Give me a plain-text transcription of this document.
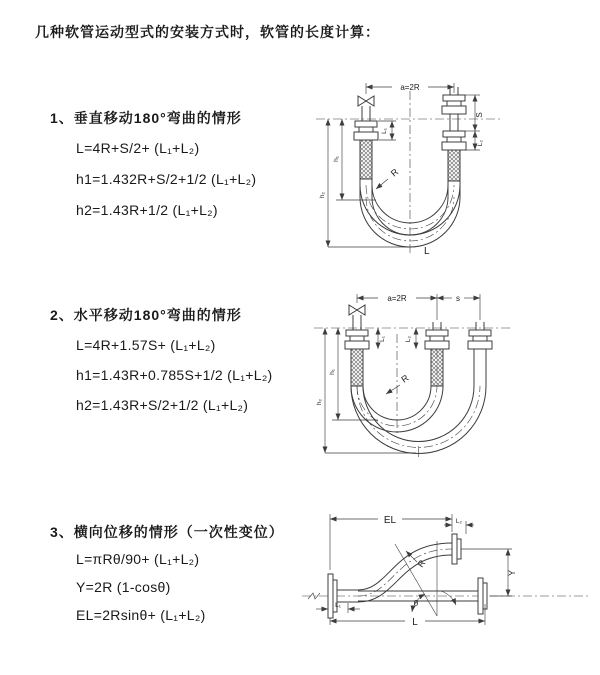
几种软管运动型式的安装方式时，软管的长度计算：
1、垂直移动180°弯曲的情形
L=4R+S/2+ (L₁+L₂)
h1=1.432R+S/2+1/2 (L₁+L₂)
h2=1.43R+1/2 (L₁+L₂)
a=2R
S
L₂
L₁
h₁
h₂
R
L
2、水平移动180°弯曲的情形
L=4R+1.57S+ (L₁+L₂)
h1=1.43R+0.785S+1/2 (L₁+L₂)
h2=1.43R+S/2+1/2 (L₁+L₂)
a=2R	s
L₁	L₂
h₁
h₂
R
3、横向位移的情形（一次性变位）
L=πRθ/90+ (L₁+L₂)
Y=2R (1-cosθ)
EL=2Rsinθ+ (L₁+L₂)
EL	L₂
Y
L₁
L
θ
R
